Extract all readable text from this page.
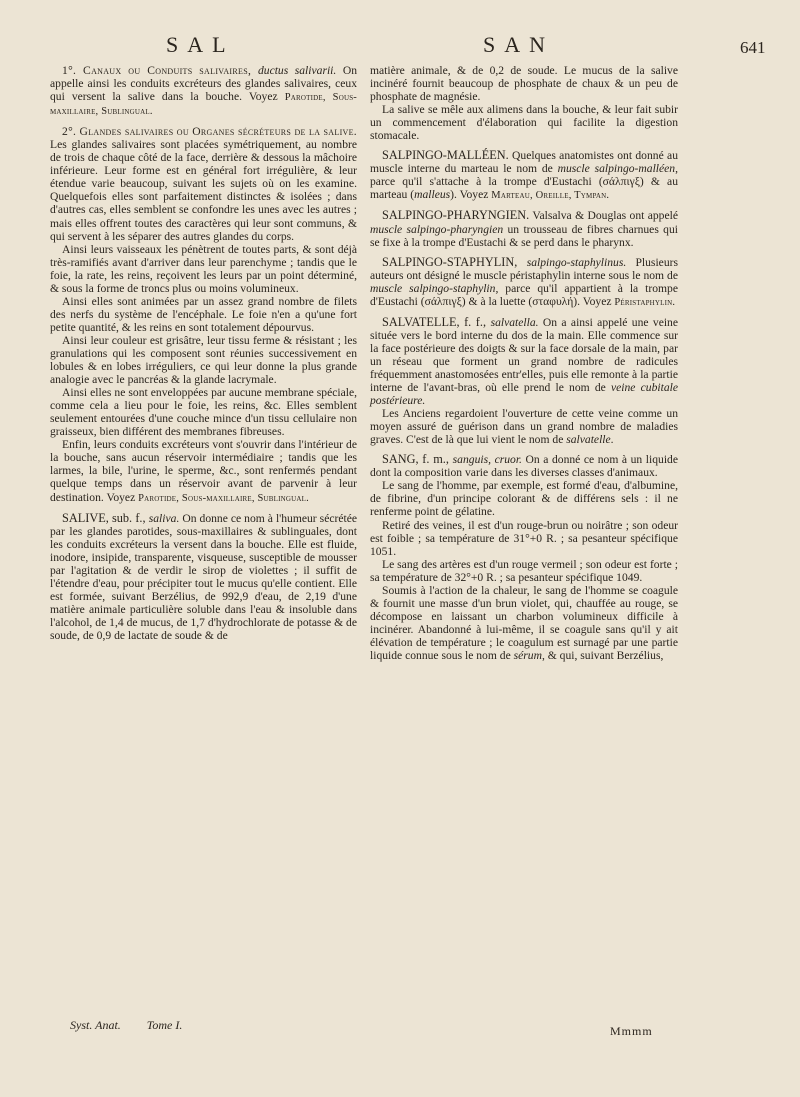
SAL	SAN	641

1°. Canaux ou Conduits salivaires, ductus salivarii. On appelle ainsi les conduits excréteurs des glandes salivaires, ceux qui versent la salive dans la bouche. Voyez Parotide, Sous-maxillaire, Sublingual.

2°. Glandes salivaires ou Organes sécréteurs de la salive. Les glandes salivaires sont placées symétriquement, au nombre de trois de chaque côté de la face, derrière & dessous la mâchoire inférieure. Leur forme est en général fort irrégulière, & leur étendue varie beaucoup, suivant les sujets où on les examine. Quelquefois elles sont parfaitement distinctes & isolées ; dans d'autres cas, elles semblent se confondre les unes avec les autres ; mais elles offrent toutes des caractères qui leur sont communs, & qui servent à les séparer des autres glandes du corps.

Ainsi leurs vaisseaux les pénètrent de toutes parts, & sont déjà très-ramifiés avant d'arriver dans leur parenchyme ; tandis que le foie, la rate, les reins, reçoivent les leurs par un point déterminé, & sous la forme de troncs plus ou moins volumineux.

Ainsi elles sont animées par un assez grand nombre de filets des nerfs du système de l'encéphale. Le foie n'en a qu'une fort petite quantité, & les reins en sont totalement dépourvus.

Ainsi leur couleur est grisâtre, leur tissu ferme & résistant ; les granulations qui les composent sont réunies successivement en lobules & en lobes irréguliers, ce qui leur donne la plus grande analogie avec le pancréas & la glande lacrymale.

Ainsi elles ne sont enveloppées par aucune membrane spéciale, comme cela a lieu pour le foie, les reins, &c. Elles semblent seulement entourées d'une couche mince d'un tissu cellulaire non graisseux, bien différent des membranes fibreuses.

Enfin, leurs conduits excréteurs vont s'ouvrir dans l'intérieur de la bouche, sans aucun réservoir intermédiaire ; tandis que les larmes, la bile, l'urine, le sperme, &c., sont renfermés pendant quelque temps dans un réservoir avant de parvenir à leur destination. Voyez Parotide, Sous-maxillaire, Sublingual.

SALIVE, sub. f., saliva. On donne ce nom à l'humeur sécrétée par les glandes parotides, sous-maxillaires & sublinguales, dont les conduits excréteurs la versent dans la bouche. Elle est fluide, inodore, insipide, transparente, visqueuse, susceptible de mousser par l'agitation & de verdir le sirop de violettes ; il suffit de l'étendre d'eau, pour précipiter tout le mucus qu'elle contient. Elle est formée, suivant Berzélius, de 992,9 d'eau, de 2,19 d'une matière animale particulière soluble dans l'eau & insoluble dans l'alcohol, de 1,4 de mucus, de 1,7 d'hydrochlorate de potasse & de soude, de 0,9 de lactate de soude & de

matière animale, & de 0,2 de soude. Le mucus de la salive incinéré fournit beaucoup de phosphate de chaux & un peu de phosphate de magnésie.

La salive se mêle aux alimens dans la bouche, & leur fait subir un commencement d'élaboration qui facilite la digestion stomacale.

SALPINGO-MALLÉEN. Quelques anatomistes ont donné au muscle interne du marteau le nom de muscle salpingo-malléen, parce qu'il s'attache à la trompe d'Eustachi (σάλπιγξ) & au marteau (malleus). Voyez Marteau, Oreille, Tympan.

SALPINGO-PHARYNGIEN. Valsalva & Douglas ont appelé muscle salpingo-pharyngien un trousseau de fibres charnues qui se fixe à la trompe d'Eustachi & se perd dans le pharynx.

SALPINGO-STAPHYLIN, salpingo-staphylinus. Plusieurs auteurs ont désigné le muscle péristaphylin interne sous le nom de muscle salpingo-staphylin, parce qu'il appartient à la trompe d'Eustachi (σάλπιγξ) & à la luette (σταφυλή). Voyez Péristaphylin.

SALVATELLE, f. f., salvatella. On a ainsi appelé une veine située vers le bord interne du dos de la main. Elle commence sur la face postérieure des doigts & sur la face dorsale de la main, par un réseau que forment un grand nombre de radicules fréquemment anastomosées entr'elles, puis elle remonte à la partie interne de l'avant-bras, où elle prend le nom de veine cubitale postérieure.

Les Anciens regardoient l'ouverture de cette veine comme un moyen assuré de guérison dans un grand nombre de maladies graves. C'est de là que lui vient le nom de salvatelle.

SANG, f. m., sanguis, cruor. On a donné ce nom à un liquide dont la composition varie dans les diverses classes d'animaux.

Le sang de l'homme, par exemple, est formé d'eau, d'albumine, de fibrine, d'un principe colorant & de différens sels : il ne renferme point de gélatine.

Retiré des veines, il est d'un rouge-brun ou noirâtre ; son odeur est foible ; sa température de 31°+0 R. ; sa pesanteur spécifique 1051.

Le sang des artères est d'un rouge vermeil ; son odeur est forte ; sa température de 32°+0 R. ; sa pesanteur spécifique 1049.

Soumis à l'action de la chaleur, le sang de l'homme se coagule & fournit une masse d'un brun violet, qui, chauffée au rouge, se décompose en laissant un charbon volumineux difficile à incinérer. Abandonné à lui-même, il se coagule sans qu'il y ait élévation de température ; le coagulum est surnagé par une partie liquide connue sous le nom de sérum, & qui, suivant Berzélius,

Syst. Anat. Tome I.	Mmmm
